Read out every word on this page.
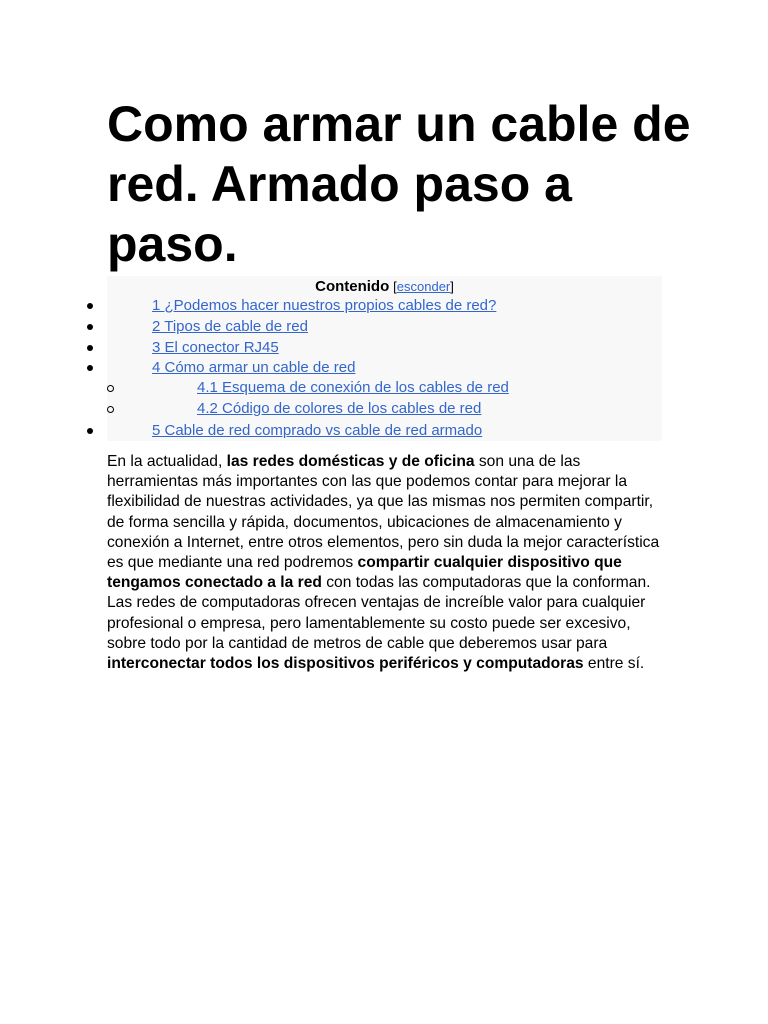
Como armar un cable de red. Armado paso a paso.
Contenido [esconder]
1 ¿Podemos hacer nuestros propios cables de red?
2 Tipos de cable de red
3 El conector RJ45
4 Cómo armar un cable de red
4.1 Esquema de conexión de los cables de red
4.2 Código de colores de los cables de red
5 Cable de red comprado vs cable de red armado
En la actualidad, las redes domésticas y de oficina son una de las herramientas más importantes con las que podemos contar para mejorar la flexibilidad de nuestras actividades, ya que las mismas nos permiten compartir, de forma sencilla y rápida, documentos, ubicaciones de almacenamiento y conexión a Internet, entre otros elementos, pero sin duda la mejor característica es que mediante una red podremos compartir cualquier dispositivo que tengamos conectado a la red con todas las computadoras que la conforman.
Las redes de computadoras ofrecen ventajas de increíble valor para cualquier profesional o empresa, pero lamentablemente su costo puede ser excesivo, sobre todo por la cantidad de metros de cable que deberemos usar para interconectar todos los dispositivos periféricos y computadoras entre sí.
